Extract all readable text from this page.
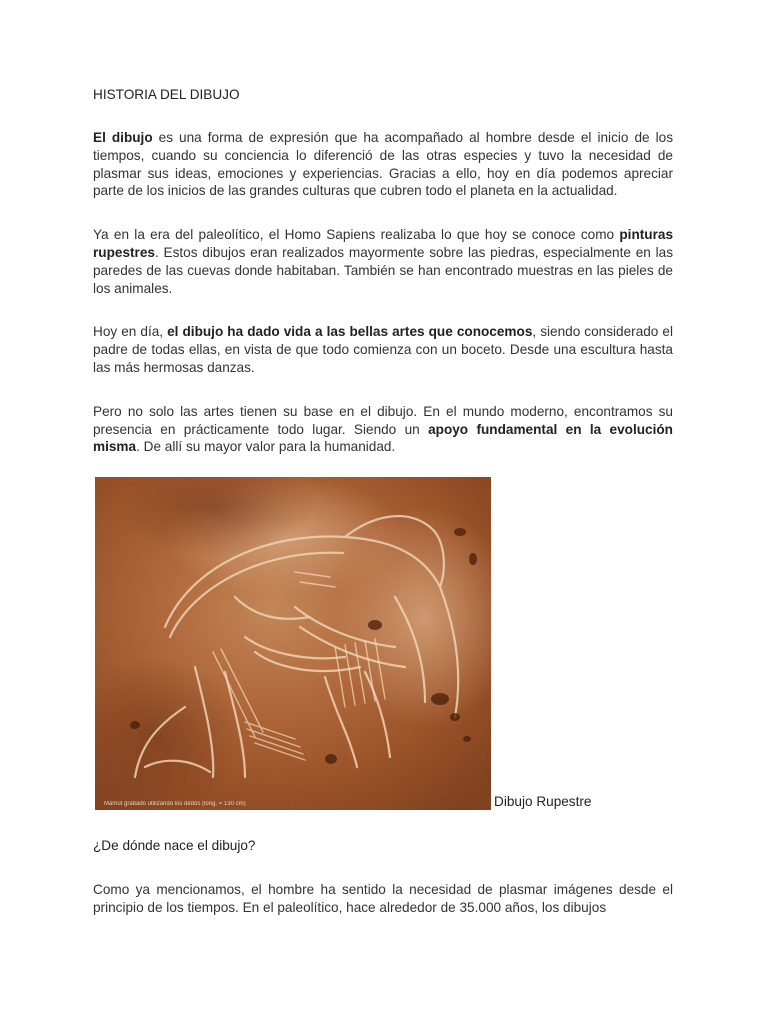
HISTORIA DEL DIBUJO

El dibujo es una forma de expresión que ha acompañado al hombre desde el inicio de los tiempos, cuando su conciencia lo diferenció de las otras especies y tuvo la necesidad de plasmar sus ideas, emociones y experiencias. Gracias a ello, hoy en día podemos apreciar parte de los inicios de las grandes culturas que cubren todo el planeta en la actualidad.

Ya en la era del paleolítico, el Homo Sapiens realizaba lo que hoy se conoce como pinturas rupestres. Estos dibujos eran realizados mayormente sobre las piedras, especialmente en las paredes de las cuevas donde habitaban. También se han encontrado muestras en las pieles de los animales.

Hoy en día, el dibujo ha dado vida a las bellas artes que conocemos, siendo considerado el padre de todas ellas, en vista de que todo comienza con un boceto. Desde una escultura hasta las más hermosas danzas.

Pero no solo las artes tienen su base en el dibujo. En el mundo moderno, encontramos su presencia en prácticamente todo lugar. Siendo un apoyo fundamental en la evolución misma. De allí su mayor valor para la humanidad.

Mamut grabado utilizando los dedos (long. = 130 cm)	Dibujo Rupestre
¿De dónde nace el dibujo?

Como ya mencionamos, el hombre ha sentido la necesidad de plasmar imágenes desde el principio de los tiempos. En el paleolítico, hace alrededor de 35.000 años, los dibujos
